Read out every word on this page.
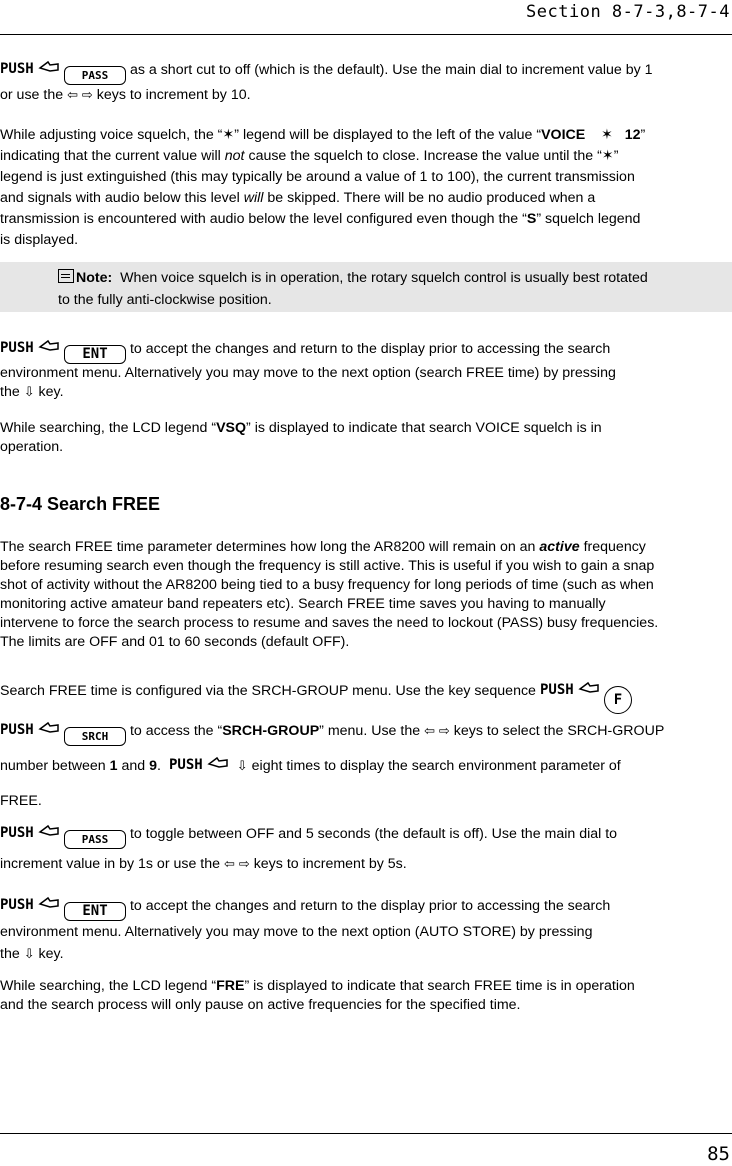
Section 8-7-3,8-7-4

PUSH	PASS as a short cut to off (which is the default). Use the main dial to increment value by 1
or use the ⇦ ⇨ keys to increment by 10.

While adjusting voice squelch, the “✶” legend will be displayed to the left of the value “VOICE ✶ 12”
indicating that the current value will not cause the squelch to close. Increase the value until the “✶”
legend is just extinguished (this may typically be around a value of 1 to 100), the current transmission
and signals with audio below this level will be skipped. There will be no audio produced when a
transmission is encountered with audio below the level configured even though the “S” squelch legend
is displayed.

Note: When voice squelch is in operation, the rotary squelch control is usually best rotated
to the fully anti-clockwise position.

PUSH	ENT to accept the changes and return to the display prior to accessing the search
environment menu. Alternatively you may move to the next option (search FREE time) by pressing
the ⇩ key.

While searching, the LCD legend “VSQ” is displayed to indicate that search VOICE squelch is in
operation.

8-7-4 Search FREE

The search FREE time parameter determines how long the AR8200 will remain on an active frequency
before resuming search even though the frequency is still active. This is useful if you wish to gain a snap
shot of activity without the AR8200 being tied to a busy frequency for long periods of time (such as when
monitoring active amateur band repeaters etc). Search FREE time saves you having to manually
intervene to force the search process to resume and saves the need to lockout (PASS) busy frequencies.
The limits are OFF and 01 to 60 seconds (default OFF).

Search FREE time is configured via the SRCH-GROUP menu. Use the key sequence PUSH
F

PUSH	SRCH to access the “SRCH-GROUP” menu. Use the ⇦ ⇨ keys to select the SRCH-GROUP
number between 1 and 9. PUSH	⇩ eight times to display the search environment parameter of
FREE.

PUSH	PASS to toggle between OFF and 5 seconds (the default is off). Use the main dial to
increment value in by 1s or use the ⇦ ⇨ keys to increment by 5s.

PUSH	ENT to accept the changes and return to the display prior to accessing the search
environment menu. Alternatively you may move to the next option (AUTO STORE) by pressing
the ⇩ key.

While searching, the LCD legend “FRE” is displayed to indicate that search FREE time is in operation
and the search process will only pause on active frequencies for the specified time.

85
